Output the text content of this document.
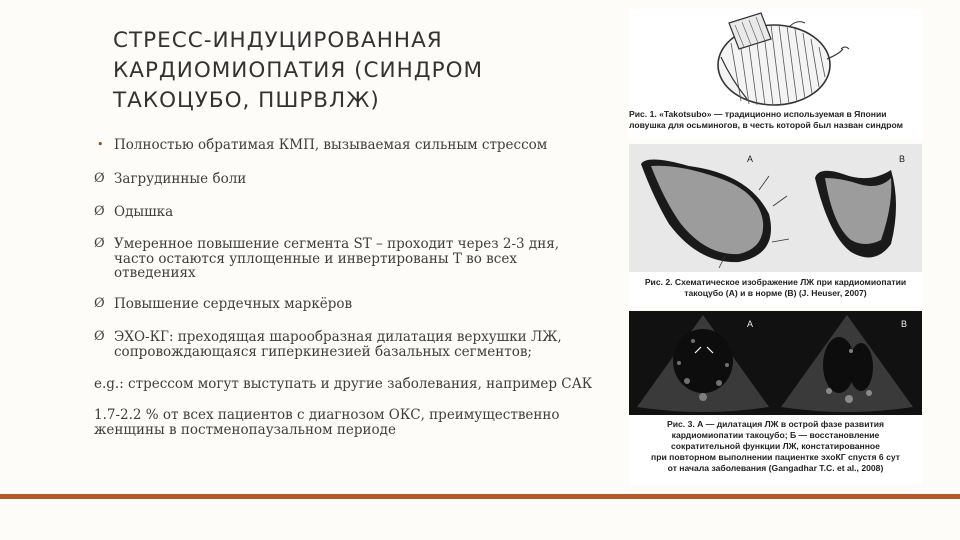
СТРЕСС-ИНДУЦИРОВАННАЯ
КАРДИОМИОПАТИЯ (СИНДРОМ
ТАКОЦУБО, ПШРВЛЖ)
• Полностью обратимая КМП, вызываемая сильным стрессом
Ø Загрудинные боли
Ø Одышка
Ø Умеренное повышение сегмента ST – проходит через 2-3 дня,
часто остаются уплощенные и инвертированы Т во всех
отведениях
Ø Повышение сердечных маркёров
Ø ЭХО-КГ: преходящая шарообразная дилатация верхушки ЛЖ,
сопровождающаяся гиперкинезией базальных сегментов;
e.g.: стрессом могут выступать и другие заболевания, например САК
1.7-2.2 % от всех пациентов с диагнозом ОКС, преимущественно
женщины в постменопаузальном периоде
Рис. 1. «Takotsubo» — традиционно используемая в Японии
ловушка для осьминогов, в честь которой был назван синдром
A	B
Рис. 2. Схематическое изображение ЛЖ при кардиомиопатии
такоцубо (A) и в норме (B) (J. Heuser, 2007)
A	B
Рис. 3. А — дилатация ЛЖ в острой фазе развития
кардиомиопатии такоцубо; Б — восстановление
сократительной функции ЛЖ, констатированное
при повторном выполнении пациентке эхоКГ спустя 6 сут
от начала заболевания (Gangadhar T.C. et al., 2008)
